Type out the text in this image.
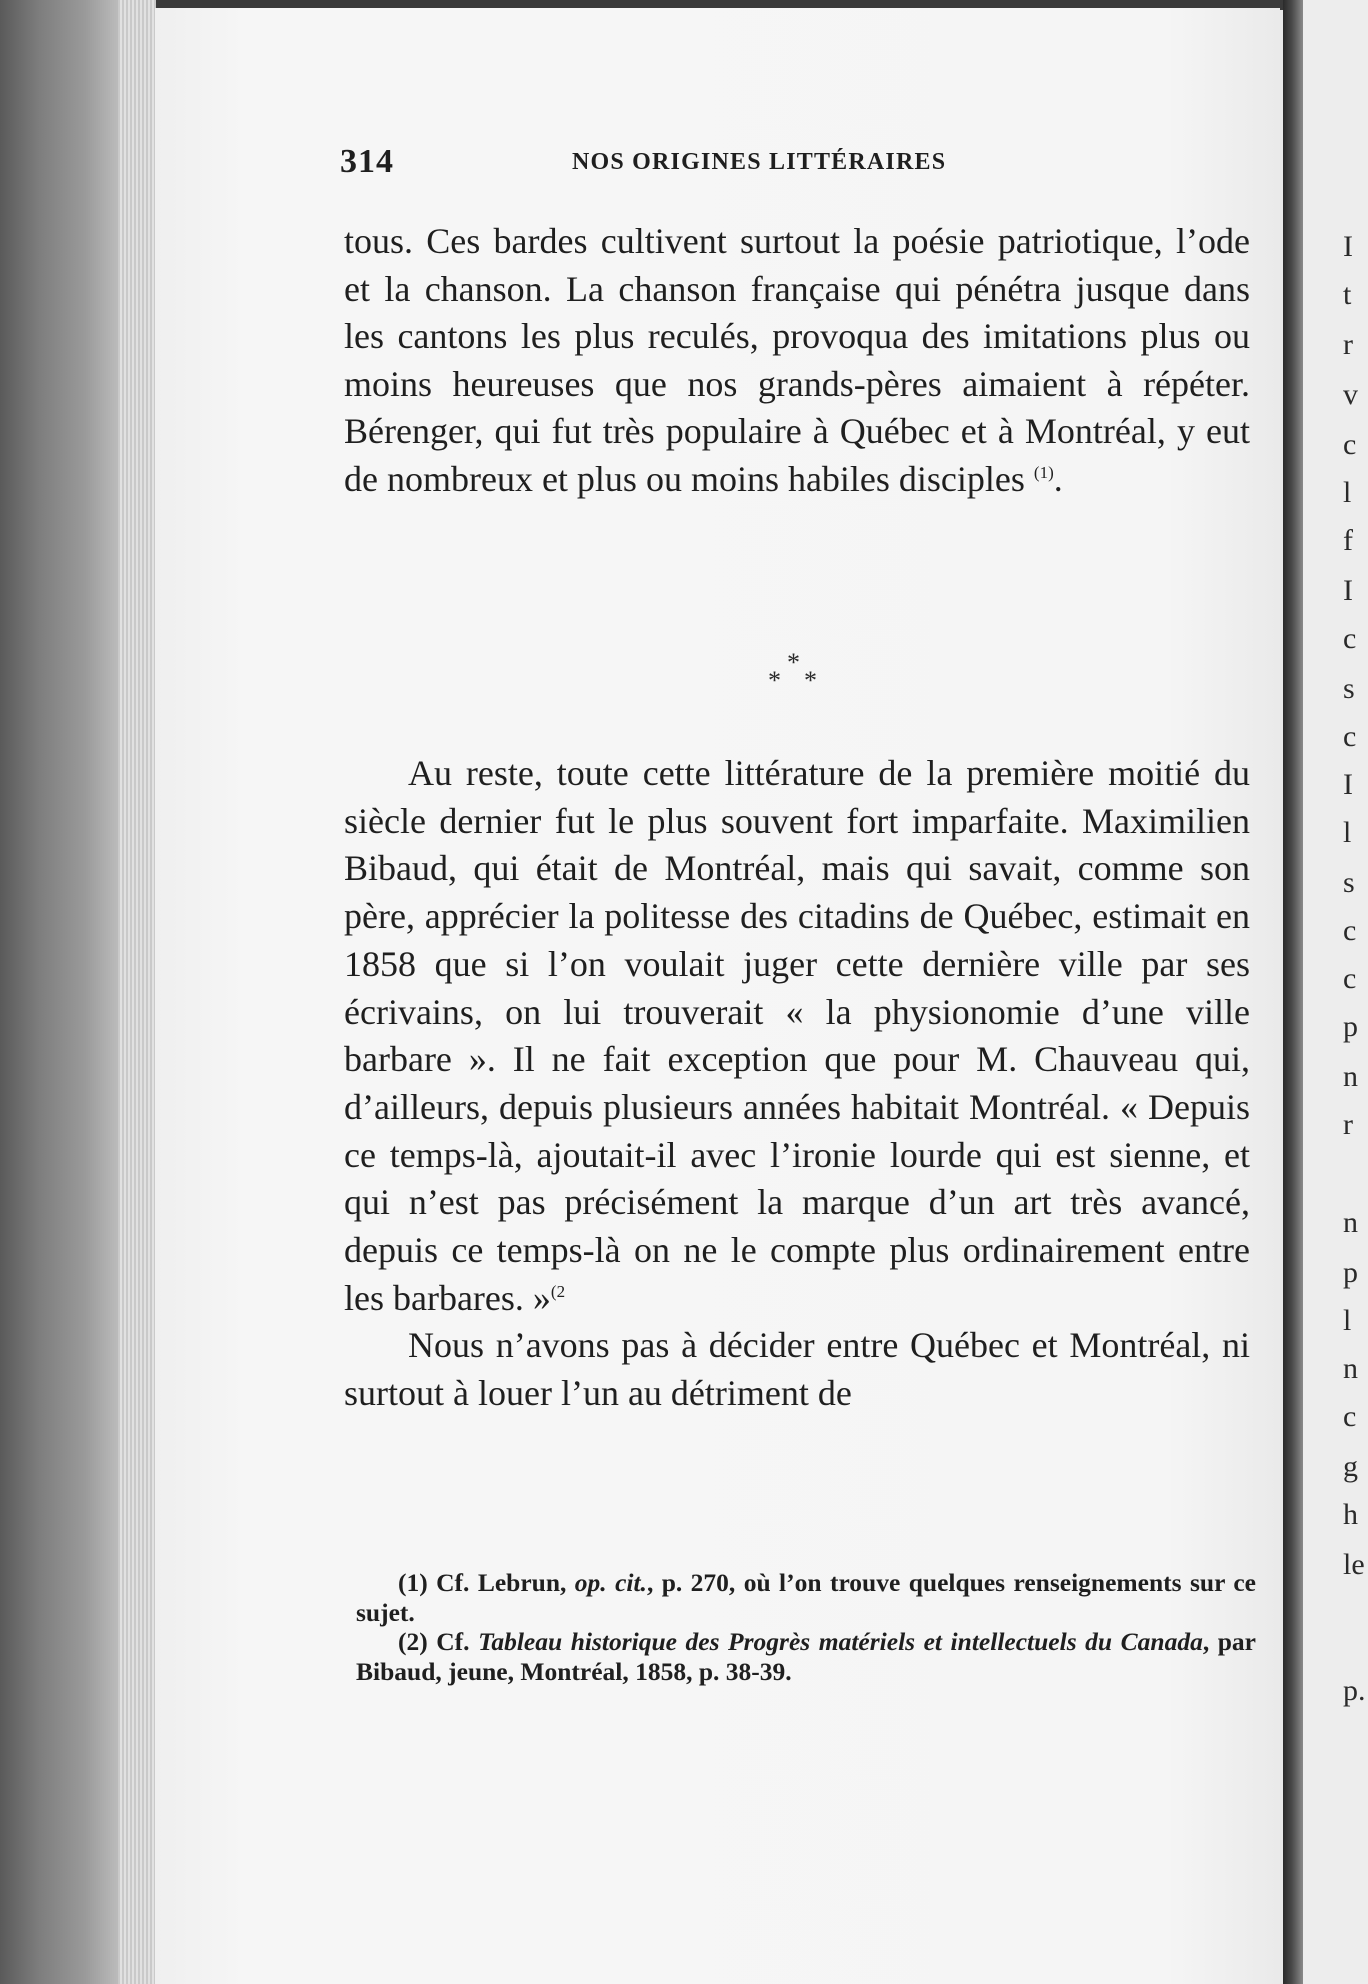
314	NOS ORIGINES LITTÉRAIRES

tous. Ces bardes cultivent surtout la poésie patriotique, l’ode et la chanson. La chanson française qui pénétra jusque dans les cantons les plus reculés, provoqua des imitations plus ou moins heureuses que nos grands-pères aimaient à répéter. Bérenger, qui fut très populaire à Québec et à Montréal, y eut de nombreux et plus ou moins habiles disciples $^{(1)}$.

*
* *

Au reste, toute cette littérature de la première moitié du siècle dernier fut le plus souvent fort imparfaite. Maximilien Bibaud, qui était de Montréal, mais qui savait, comme son père, apprécier la politesse des citadins de Québec, estimait en 1858 que si l’on voulait juger cette dernière ville par ses écrivains, on lui trouverait « la physionomie d’une ville barbare ». Il ne fait exception que pour M. Chauveau qui, d’ailleurs, depuis plusieurs années habitait Montréal. « Depuis ce temps-là, ajoutait-il avec l’ironie lourde qui est sienne, et qui n’est pas précisément la marque d’un art très avancé, depuis ce temps-là on ne le compte plus ordinairement entre les barbares. »$^{(2}$

Nous n’avons pas à décider entre Québec et Montréal, ni surtout à louer l’un au détriment de

(1) Cf. Lebrun, op. cit., p. 270, où l’on trouve quelques renseignements sur ce sujet.

(2) Cf. Tableau historique des Progrès matériels et intellectuels du Canada, par Bibaud, jeune, Montréal, 1858, p. 38-39.

I
t
r
v
c
l
f
I
c
s
c
I
l
s
c
c
p
n
r
n
p
l
n
c
g
h
le
p.
